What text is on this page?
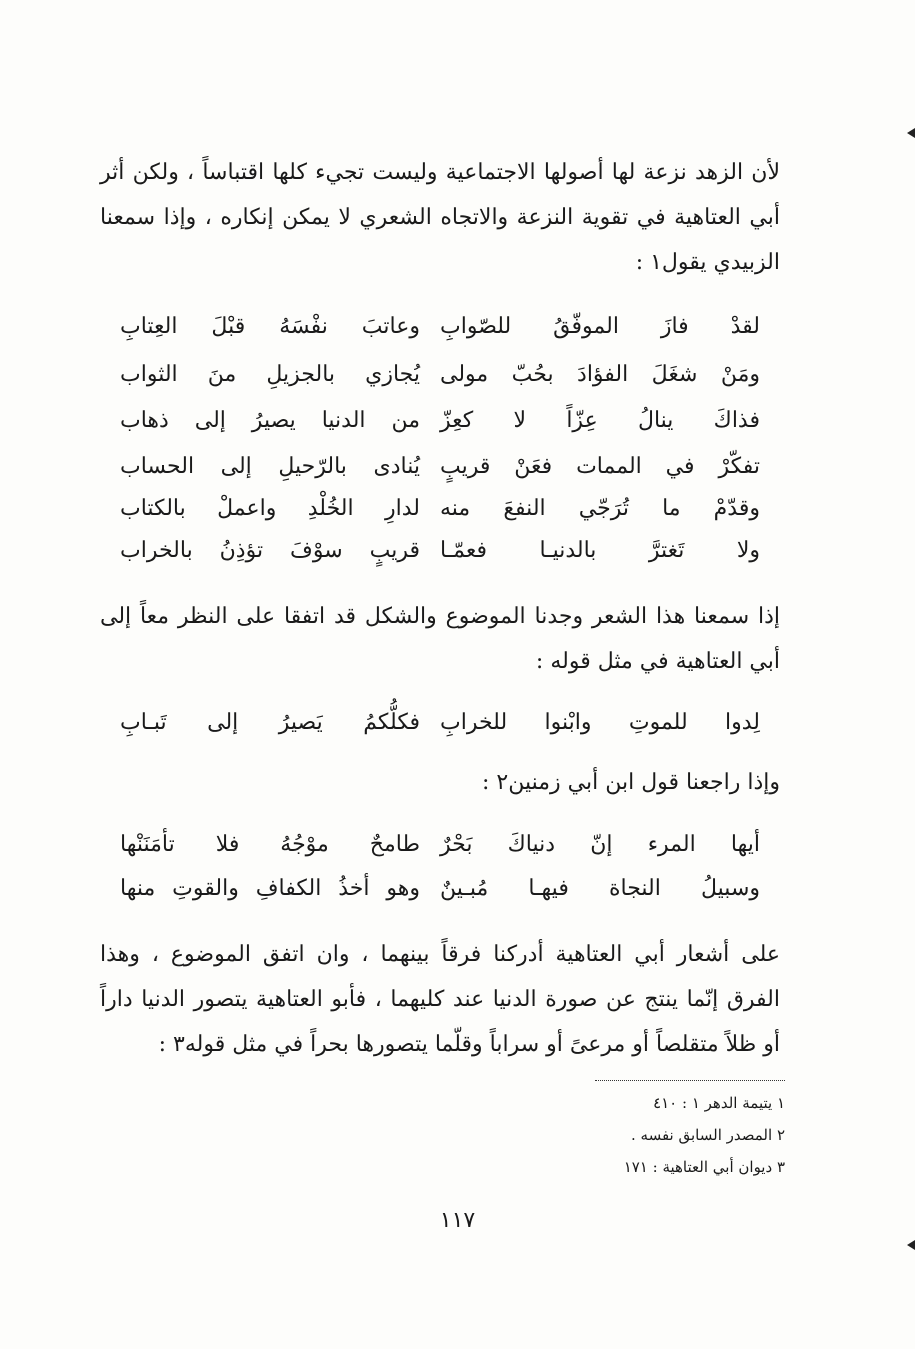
لأن الزهد نزعة لها أصولها الاجتماعية وليست تجيء كلها اقتباساً ، ولكن أثر أبي العتاهية في تقوية النزعة والاتجاه الشعري لا يمكن إنكاره ، وإذا سمعنا الزبيدي يقول١ :

لقدْ فازَ الموفّقُ للصّوابِ
وعاتبَ نفْسَهُ قبْلَ العِتابِ
ومَنْ شغَلَ الفؤادَ بحُبّ مولى
يُجازي بالجزيلِ منَ الثواب
فذاكَ ينالُ عِزّاً لا كعِزّ
من الدنيا يصيرُ إلى ذهاب
تفكّرْ في الممات فعَنْ قريبٍ
يُنادى بالرّحيلِ إلى الحساب
وقدّمْ ما تُرَجّي النفعَ منه
لدارِ الخُلْدِ واعملْ بالكتاب
ولا تَغترَّ بالدنيـا فعمّـا
قريبٍ سوْفَ تؤذِنُ بالخراب

إذا سمعنا هذا الشعر وجدنا الموضوع والشكل قد اتفقا على النظر معاً إلى أبي العتاهية في مثل قوله :

لِدوا للموتِ وابْنوا للخرابِ
فكلُّكمُ يَصيرُ إلى تَبـابِ

وإذا راجعنا قول ابن أبي زمنين٢ :

أيها المرء إنّ دنياكَ بَحْرٌ
طامحٌ موْجُهُ فلا تأمَنَنْها
وسبيلُ النجاة فيهـا مُبـينٌ
وهو أخذُ الكفافِ والقوتِ منها

على أشعار أبي العتاهية أدركنا فرقاً بينهما ، وان اتفق الموضوع ، وهذا الفرق إنّما ينتج عن صورة الدنيا عند كليهما ، فأبو العتاهية يتصور الدنيا داراً أو ظلاً متقلصاً أو مرعىً أو سراباً وقلّما يتصورها بحراً في مثل قوله٣ :

١ يتيمة الدهر ١ : ٤١٠
٢ المصدر السابق نفسه .
٣ ديوان أبي العتاهية : ١٧١
١١٧
